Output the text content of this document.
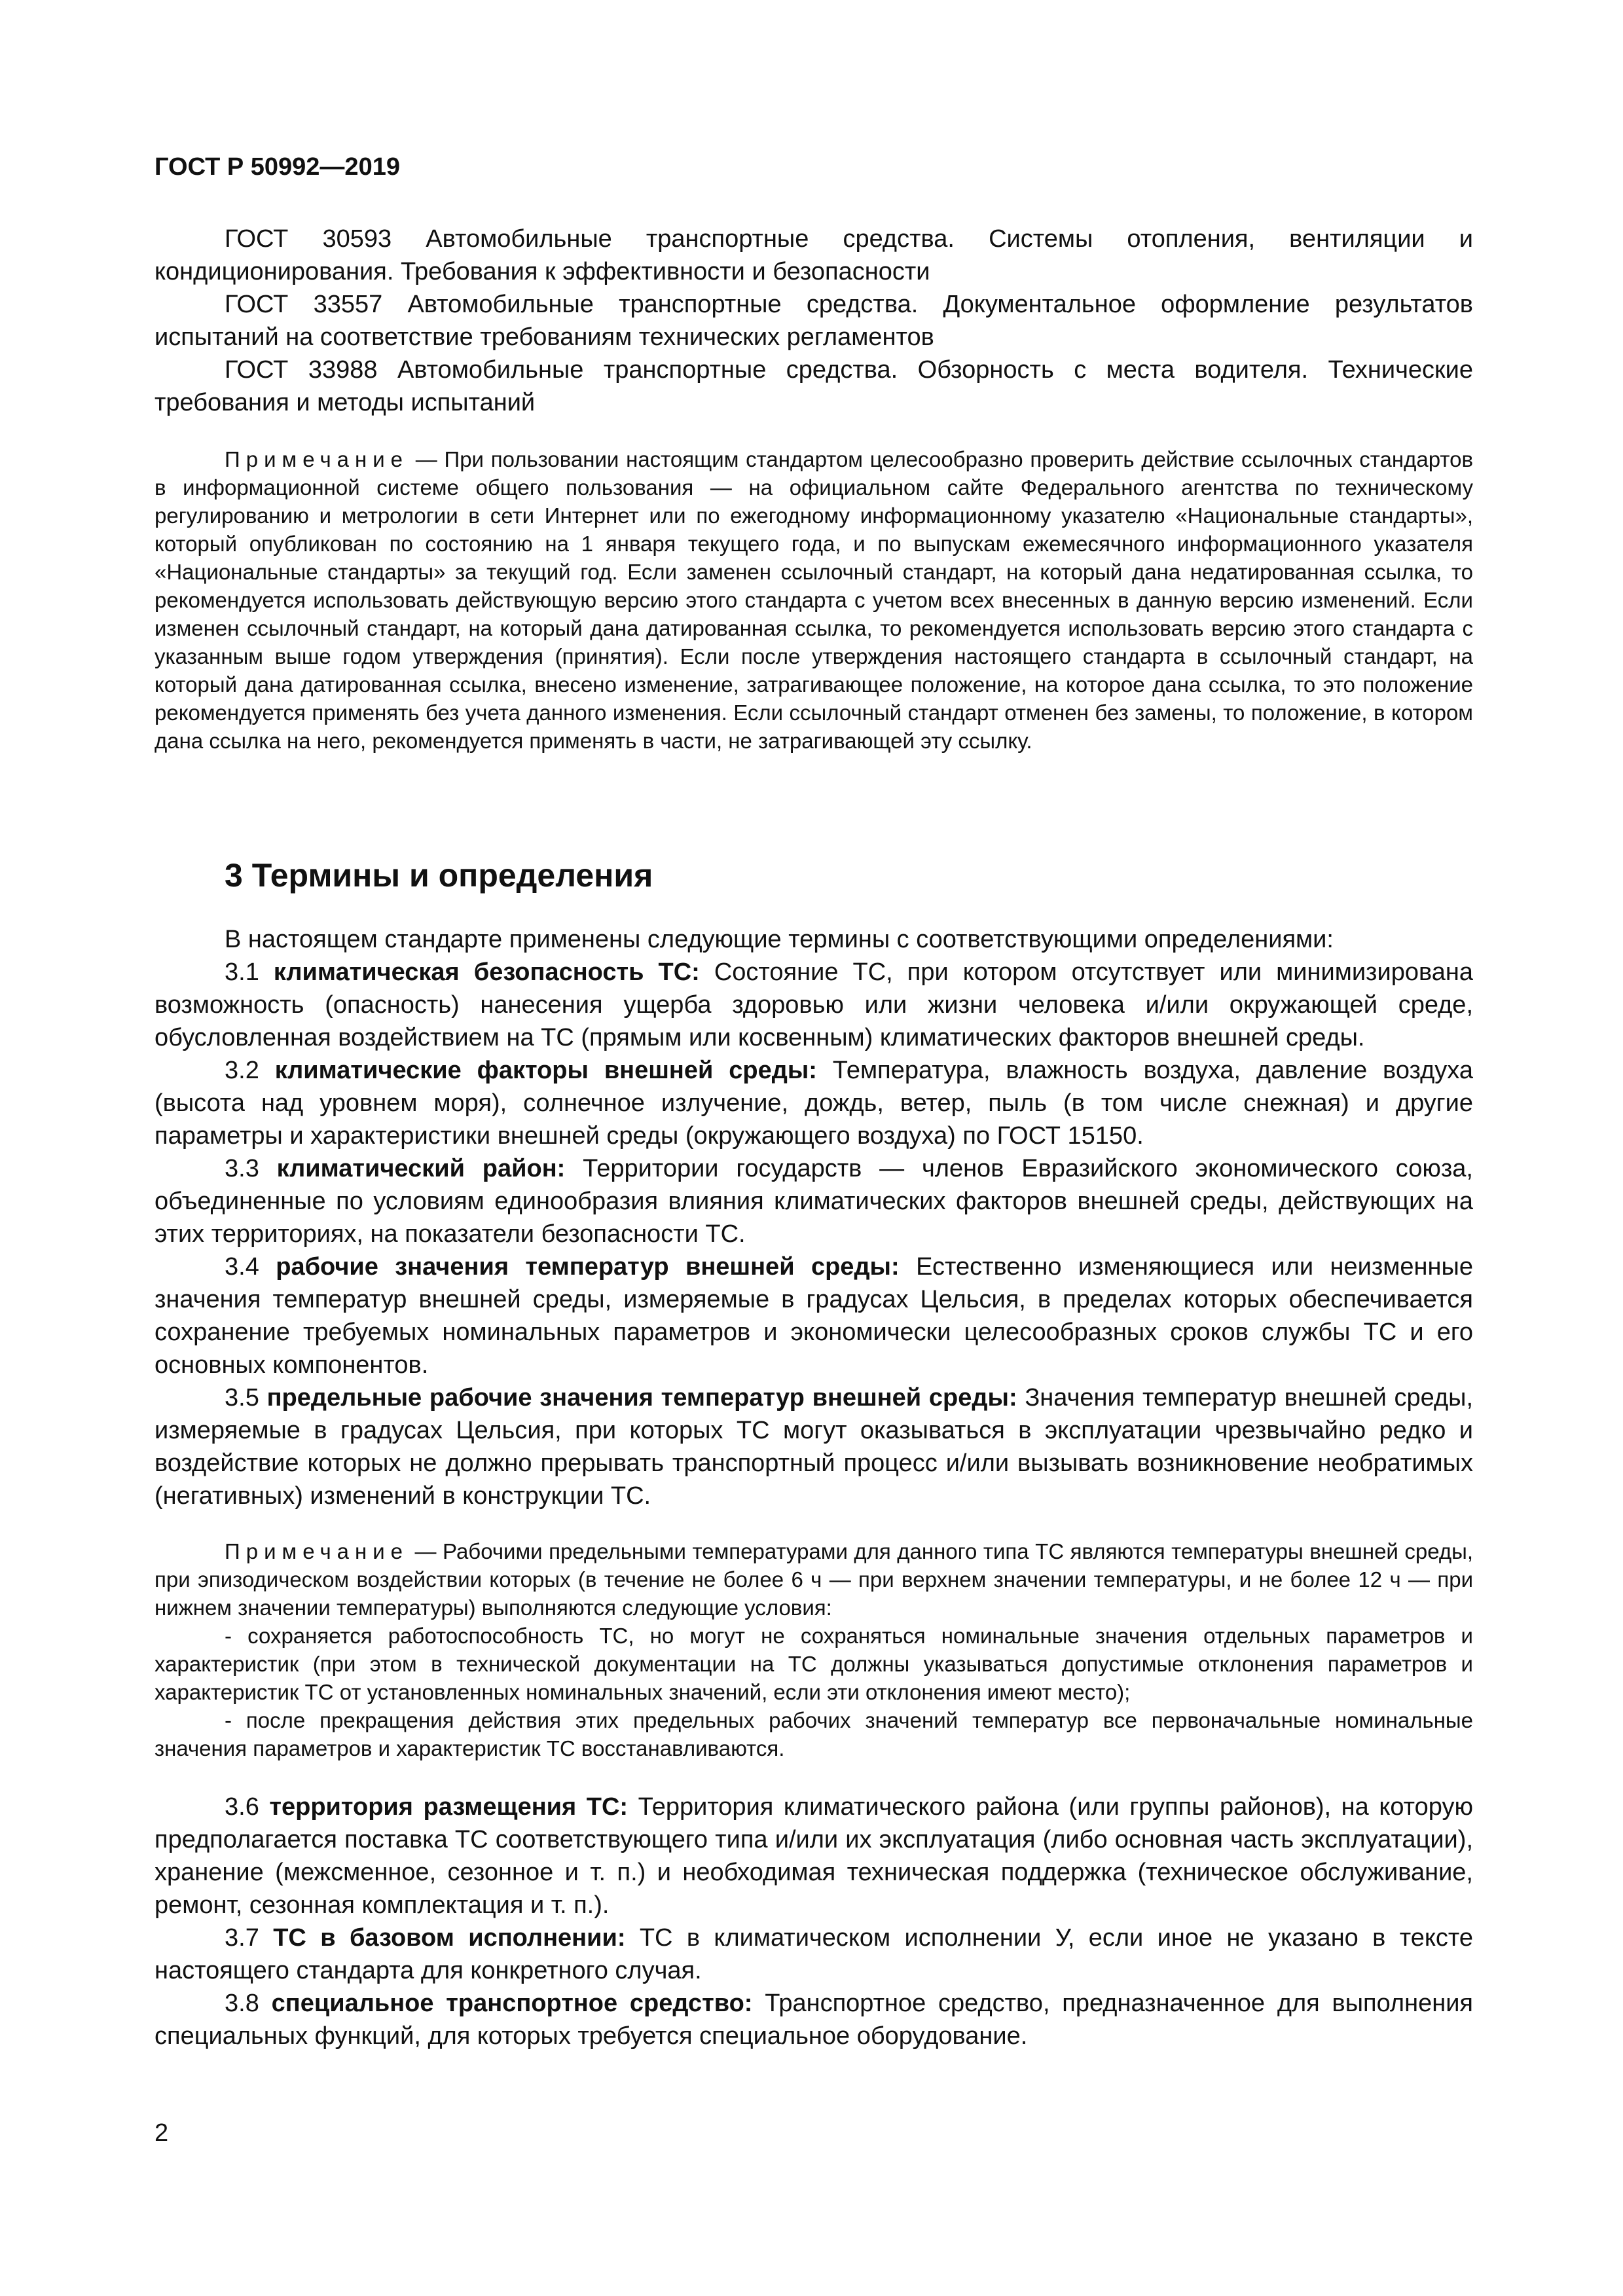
ГОСТ Р 50992—2019

ГОСТ 30593 Автомобильные транспортные средства. Системы отопления, вентиляции и кондиционирования. Требования к эффективности и безопасности

ГОСТ 33557 Автомобильные транспортные средства. Документальное оформление результатов испытаний на соответствие требованиям технических регламентов

ГОСТ 33988 Автомобильные транспортные средства. Обзорность с места водителя. Технические требования и методы испытаний

Примечание — При пользовании настоящим стандартом целесообразно проверить действие ссылочных стандартов в информационной системе общего пользования — на официальном сайте Федерального агентства по техническому регулированию и метрологии в сети Интернет или по ежегодному информационному указателю «Национальные стандарты», который опубликован по состоянию на 1 января текущего года, и по выпускам ежемесячного информационного указателя «Национальные стандарты» за текущий год. Если заменен ссылочный стандарт, на который дана недатированная ссылка, то рекомендуется использовать действующую версию этого стандарта с учетом всех внесенных в данную версию изменений. Если изменен ссылочный стандарт, на который дана датированная ссылка, то рекомендуется использовать версию этого стандарта с указанным выше годом утверждения (принятия). Если после утверждения настоящего стандарта в ссылочный стандарт, на который дана датированная ссылка, внесено изменение, затрагивающее положение, на которое дана ссылка, то это положение рекомендуется применять без учета данного изменения. Если ссылочный стандарт отменен без замены, то положение, в котором дана ссылка на него, рекомендуется применять в части, не затрагивающей эту ссылку.

3 Термины и определения

В настоящем стандарте применены следующие термины с соответствующими определениями:

3.1 климатическая безопасность ТС: Состояние ТС, при котором отсутствует или минимизирована возможность (опасность) нанесения ущерба здоровью или жизни человека и/или окружающей среде, обусловленная воздействием на ТС (прямым или косвенным) климатических факторов внешней среды.

3.2 климатические факторы внешней среды: Температура, влажность воздуха, давление воздуха (высота над уровнем моря), солнечное излучение, дождь, ветер, пыль (в том числе снежная) и другие параметры и характеристики внешней среды (окружающего воздуха) по ГОСТ 15150.

3.3 климатический район: Территории государств — членов Евразийского экономического союза, объединенные по условиям единообразия влияния климатических факторов внешней среды, действующих на этих территориях, на показатели безопасности ТС.

3.4 рабочие значения температур внешней среды: Естественно изменяющиеся или неизменные значения температур внешней среды, измеряемые в градусах Цельсия, в пределах которых обеспечивается сохранение требуемых номинальных параметров и экономически целесообразных сроков службы ТС и его основных компонентов.

3.5 предельные рабочие значения температур внешней среды: Значения температур внешней среды, измеряемые в градусах Цельсия, при которых ТС могут оказываться в эксплуатации чрезвычайно редко и воздействие которых не должно прерывать транспортный процесс и/или вызывать возникновение необратимых (негативных) изменений в конструкции ТС.

Примечание — Рабочими предельными температурами для данного типа ТС являются температуры внешней среды, при эпизодическом воздействии которых (в течение не более 6 ч — при верхнем значении температуры, и не более 12 ч — при нижнем значении температуры) выполняются следующие условия:

- сохраняется работоспособность ТС, но могут не сохраняться номинальные значения отдельных параметров и характеристик (при этом в технической документации на ТС должны указываться допустимые отклонения параметров и характеристик ТС от установленных номинальных значений, если эти отклонения имеют место);

- после прекращения действия этих предельных рабочих значений температур все первоначальные номинальные значения параметров и характеристик ТС восстанавливаются.

3.6 территория размещения ТС: Территория климатического района (или группы районов), на которую предполагается поставка ТС соответствующего типа и/или их эксплуатация (либо основная часть эксплуатации), хранение (межсменное, сезонное и т. п.) и необходимая техническая поддержка (техническое обслуживание, ремонт, сезонная комплектация и т. п.).

3.7 ТС в базовом исполнении: ТС в климатическом исполнении У, если иное не указано в тексте настоящего стандарта для конкретного случая.

3.8 специальное транспортное средство: Транспортное средство, предназначенное для выполнения специальных функций, для которых требуется специальное оборудование.

2
